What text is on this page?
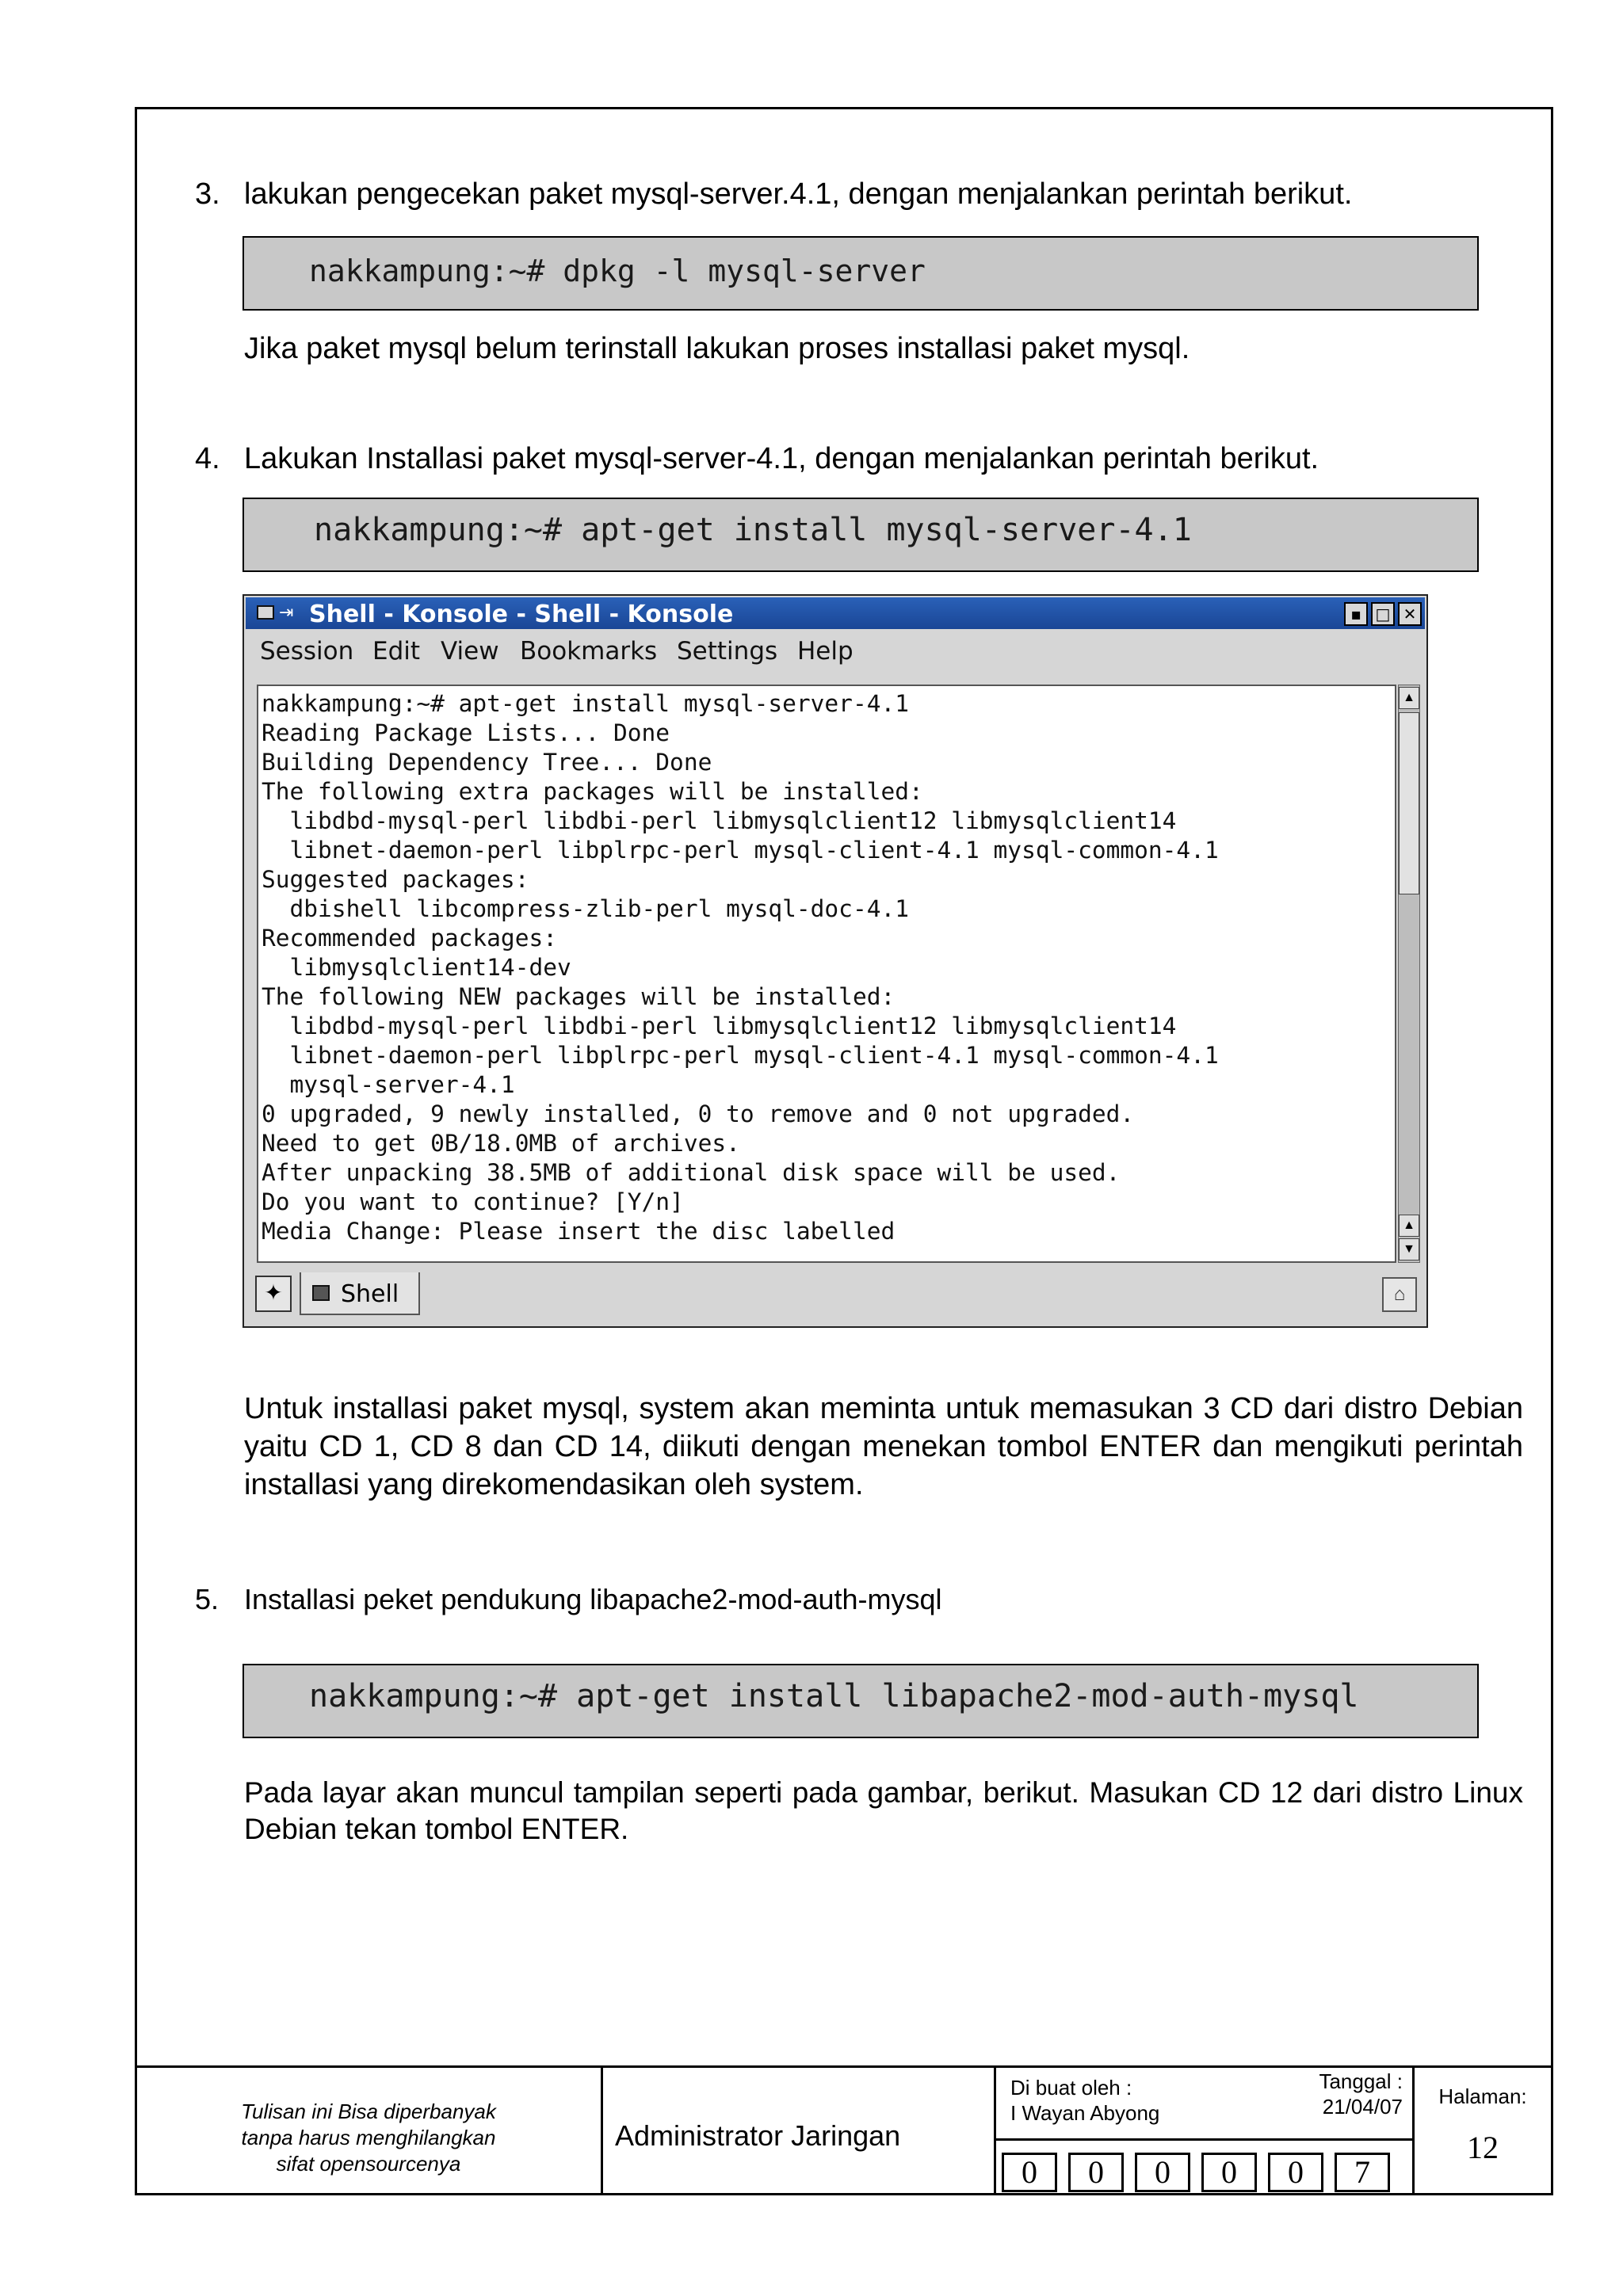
3. lakukan pengecekan paket mysql-server.4.1, dengan menjalankan perintah berikut.
nakkampung:~# dpkg -l mysql-server
Jika paket mysql belum terinstall lakukan proses installasi paket mysql.
4. Lakukan Installasi paket mysql-server-4.1, dengan menjalankan perintah berikut.
nakkampung:~# apt-get install mysql-server-4.1
⇥ Shell - Konsole - Shell - Konsole	▪ □ ✕
Session Edit View Bookmarks Settings Help
nakkampung:~# apt-get install mysql-server-4.1
Reading Package Lists... Done
Building Dependency Tree... Done
The following extra packages will be installed:
libdbd-mysql-perl libdbi-perl libmysqlclient12 libmysqlclient14
libnet-daemon-perl libplrpc-perl mysql-client-4.1 mysql-common-4.1
Suggested packages:
dbishell libcompress-zlib-perl mysql-doc-4.1
Recommended packages:
libmysqlclient14-dev
The following NEW packages will be installed:
libdbd-mysql-perl libdbi-perl libmysqlclient12 libmysqlclient14
libnet-daemon-perl libplrpc-perl mysql-client-4.1 mysql-common-4.1
mysql-server-4.1
0 upgraded, 9 newly installed, 0 to remove and 0 not upgraded.
Need to get 0B/18.0MB of archives.
After unpacking 38.5MB of additional disk space will be used.
Do you want to continue? [Y/n]
Media Change: Please insert the disc labelled
▲
▲
▼
✦	Shell	⌂
Untuk installasi paket mysql, system akan meminta untuk memasukan 3 CD dari distro Debian yaitu CD 1, CD 8 dan CD 14, diikuti dengan menekan tombol ENTER dan mengikuti perintah installasi yang direkomendasikan oleh system.
5. Installasi peket pendukung libapache2-mod-auth-mysql
nakkampung:~# apt-get install libapache2-mod-auth-mysql
Pada layar akan muncul tampilan seperti pada gambar, berikut. Masukan CD 12 dari distro Linux Debian tekan tombol ENTER.
Tulisan ini Bisa diperbanyak
tanpa harus menghilangkan
sifat opensourcenya
Administrator Jaringan
Di buat oleh :
I Wayan Abyong
Tanggal :
21/04/07
0	0	0	0	0	7
Halaman:
12
